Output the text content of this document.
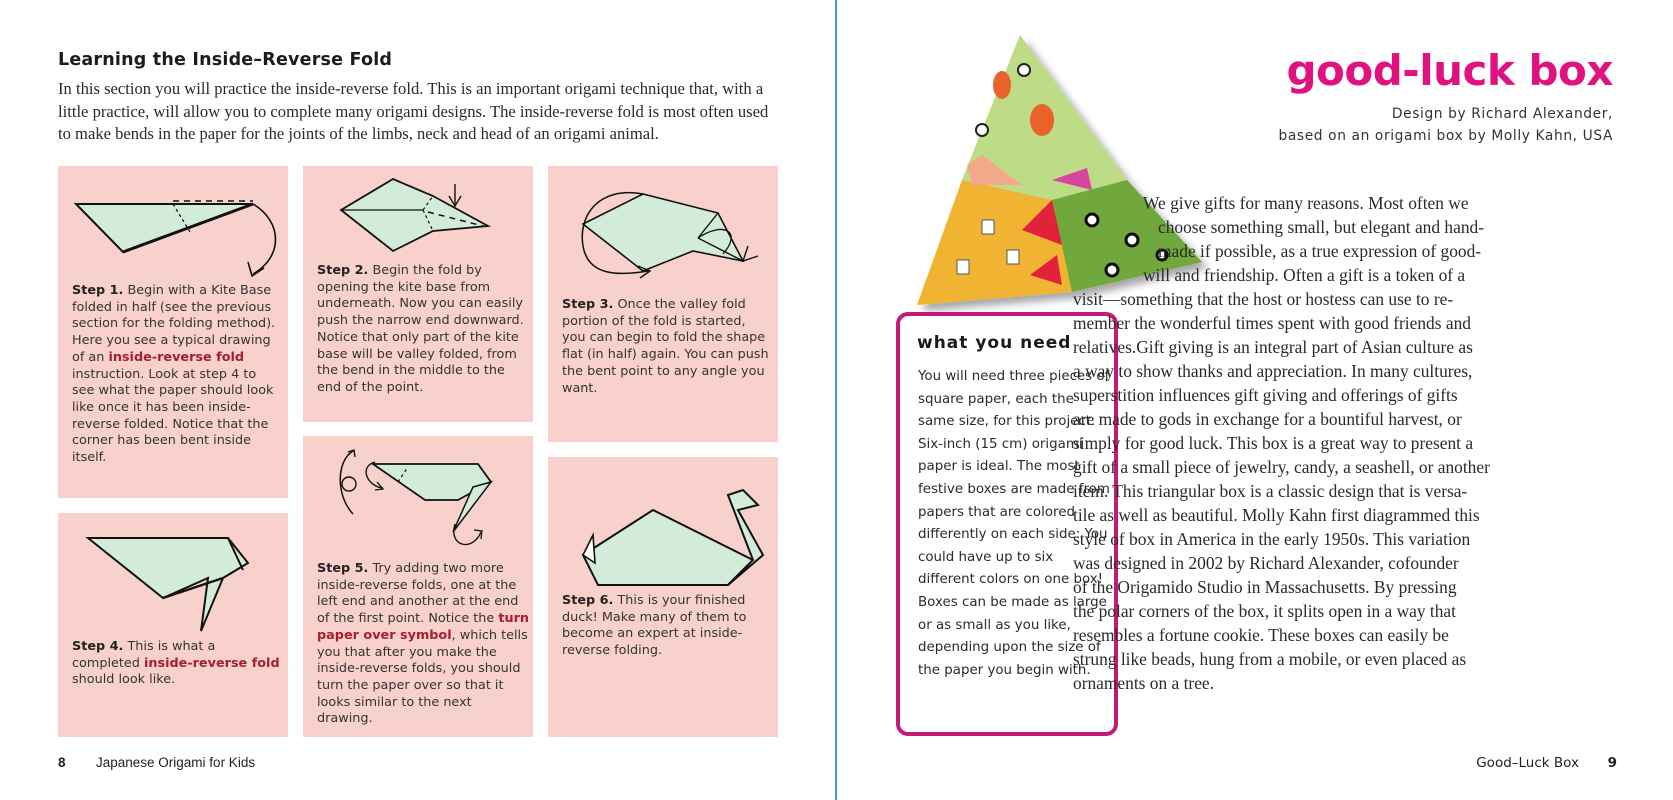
Learning the Inside–Reverse Fold
In this section you will practice the inside-reverse fold. This is an important origami technique that, with a little practice, will allow you to complete many origami designs. The inside-reverse fold is most often used to make bends in the paper for the joints of the limbs, neck and head of an origami animal.
Step 1. Begin with a Kite Base folded in half (see the previous section for the folding method). Here you see a typical drawing of an inside-reverse fold instruction. Look at step 4 to see what the paper should look like once it has been inside-reverse folded. Notice that the corner has been bent inside itself.
Step 2. Begin the fold by opening the kite base from underneath. Now you can easily push the narrow end downward. Notice that only part of the kite base will be valley folded, from the bend in the middle to the end of the point.
Step 3. Once the valley fold portion of the fold is started, you can begin to fold the shape flat (in half) again. You can push the bent point to any angle you want.
Step 4. This is what a completed inside-reverse fold should look like.
Step 5. Try adding two more inside-reverse folds, one at the left end and another at the end of the first point. Notice the turn paper over symbol, which tells you that after you make the inside-reverse folds, you should turn the paper over so that it looks similar to the next drawing.
Step 6. This is your finished duck! Make many of them to become an expert at inside-reverse folding.
8 Japanese Origami for Kids
good-luck box
Design by Richard Alexander,
based on an origami box by Molly Kahn, USA
what you need
You will need three pieces of square paper, each the same size, for this project. Six-inch (15 cm) origami paper is ideal. The most festive boxes are made from papers that are colored differently on each side: You could have up to six different colors on one box! Boxes can be made as large or as small as you like, depending upon the size of the paper you begin with.
We give gifts for many reasons. Most often we
choose something small, but elegant and hand-
made if possible, as a true expression of good-
will and friendship. Often a gift is a token of a
visit—something that the host or hostess can use to re-
member the wonderful times spent with good friends and
relatives.Gift giving is an integral part of Asian culture as
a way to show thanks and appreciation. In many cultures,
superstition influences gift giving and offerings of gifts
are made to gods in exchange for a bountiful harvest, or
simply for good luck. This box is a great way to present a
gift of a small piece of jewelry, candy, a seashell, or another
item. This triangular box is a classic design that is versa-
tile as well as beautiful. Molly Kahn first diagrammed this
style of box in America in the early 1950s. This variation
was designed in 2002 by Richard Alexander, cofounder
of the Origamido Studio in Massachusetts. By pressing
the polar corners of the box, it splits open in a way that
resembles a fortune cookie. These boxes can easily be
strung like beads, hung from a mobile, or even placed as
ornaments on a tree.
Good–Luck Box 9
